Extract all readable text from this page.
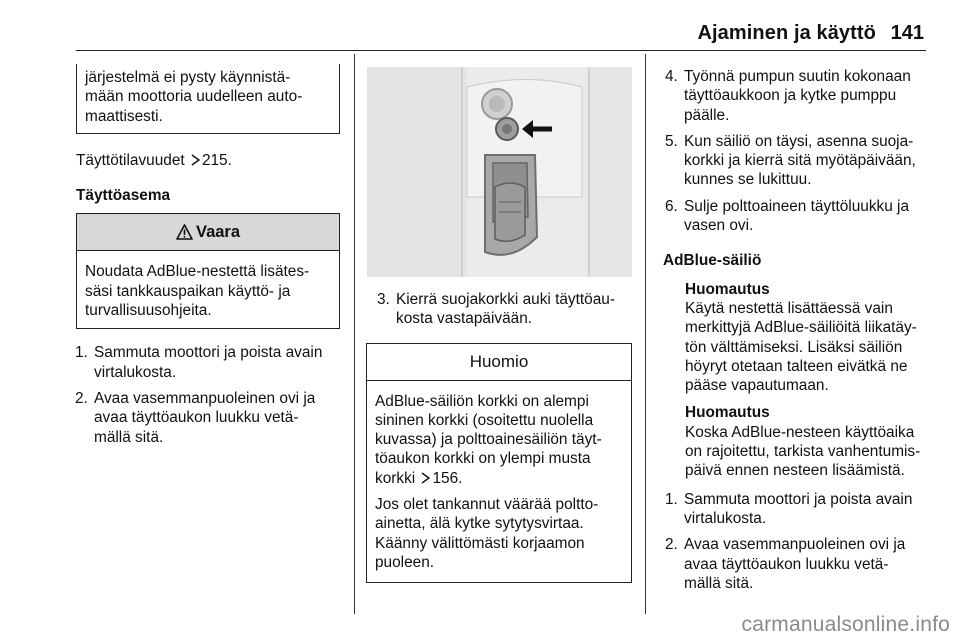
Ajaminen ja käyttö 141

järjestelmä ei pysty käynnistä-
mään moottoria uudelleen auto-
maattisesti.

Täyttötilavuudet 215.

Täyttöasema

Vaara

Noudata AdBlue-nestettä lisätes-
säsi tankkauspaikan käyttö- ja
turvallisuusohjeita.

1. Sammuta moottori ja poista avain
virtalukosta.
2. Avaa vasemmanpuoleinen ovi ja
avaa täyttöaukon luukku vetä-
mällä sitä.
3. Kierrä suojakorkki auki täyttöau-
kosta vastapäivään.
Huomio

AdBlue-säiliön korkki on alempi
sininen korkki (osoitettu nuolella
kuvassa) ja polttoainesäiliön täyt-
töaukon korkki on ylempi musta
korkki 156.

Jos olet tankannut väärää poltto-
ainetta, älä kytke sytytysvirtaa.
Käänny välittömästi korjaamon
puoleen.

4. Työnnä pumpun suutin kokonaan
täyttöaukkoon ja kytke pumppu
päälle.
5. Kun säiliö on täysi, asenna suoja-
korkki ja kierrä sitä myötäpäivään,
kunnes se lukittuu.
6. Sulje polttoaineen täyttöluukku ja
vasen ovi.

AdBlue-säiliö

Huomautus

Käytä nestettä lisättäessä vain
merkittyjä AdBlue-säiliöitä liikatäy-
tön välttämiseksi. Lisäksi säiliön
höyryt otetaan talteen eivätkä ne
pääse vapautumaan.

Huomautus

Koska AdBlue-nesteen käyttöaika
on rajoitettu, tarkista vanhentumis-
päivä ennen nesteen lisäämistä.

1. Sammuta moottori ja poista avain
virtalukosta.
2. Avaa vasemmanpuoleinen ovi ja
avaa täyttöaukon luukku vetä-
mällä sitä.
carmanualsonline.info
